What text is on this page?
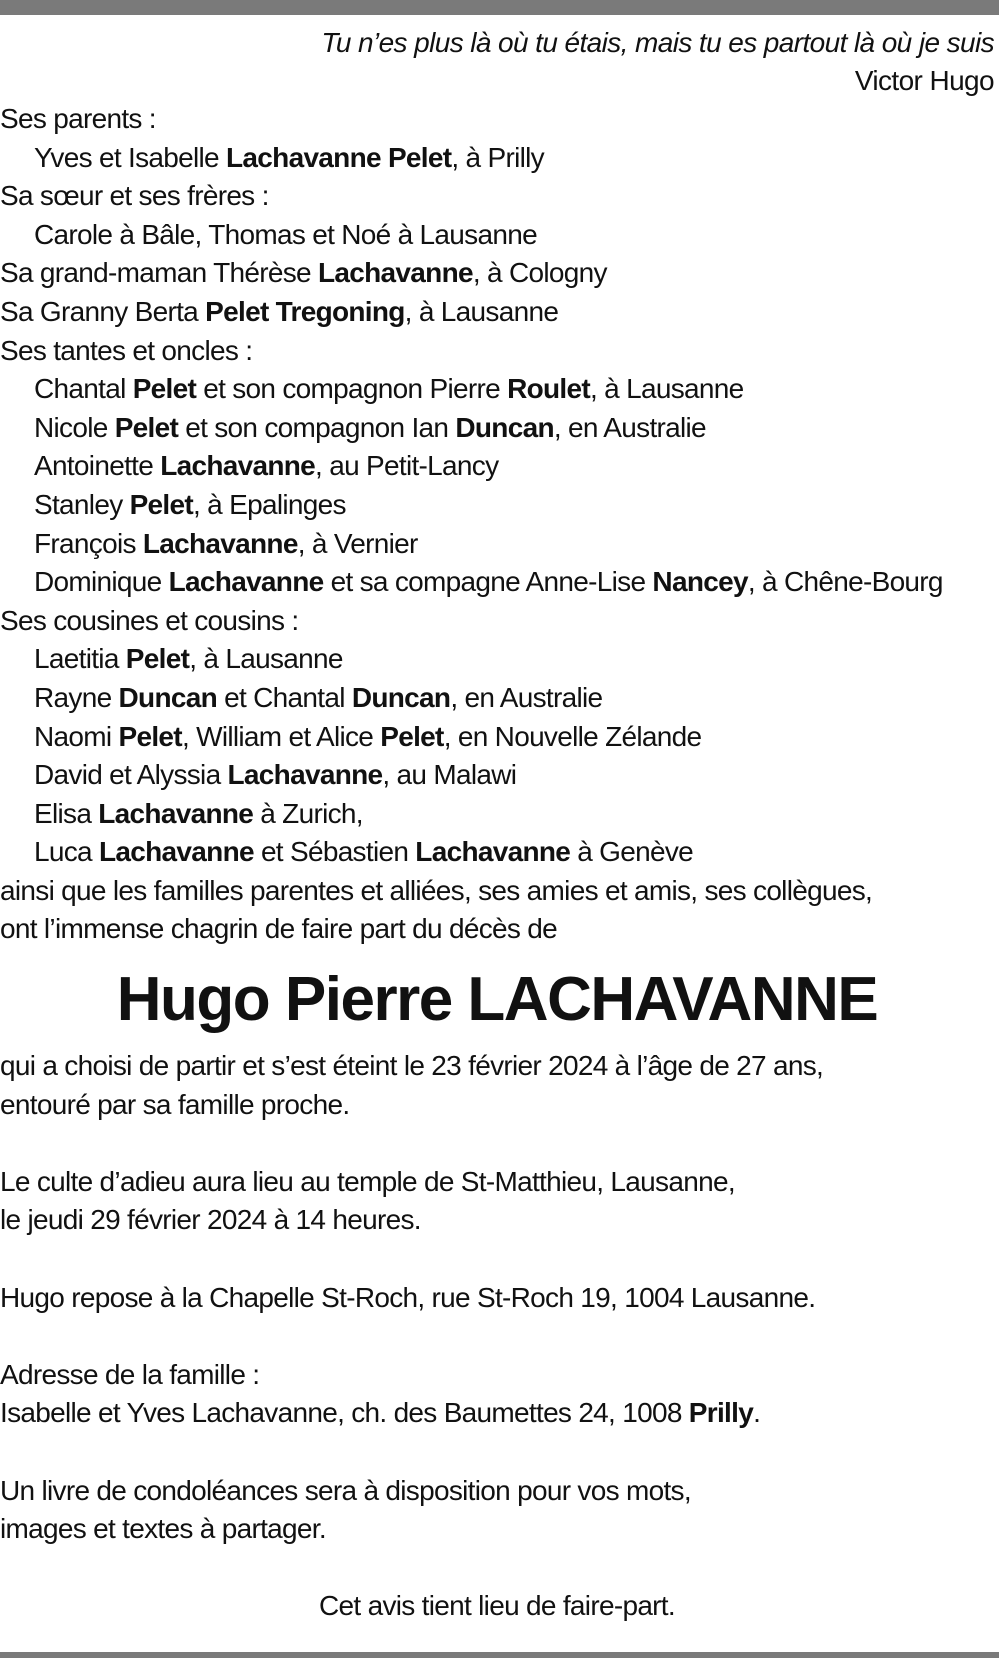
Tu n’es plus là où tu étais, mais tu es partout là où je suis
Victor Hugo
Ses parents :
Yves et Isabelle Lachavanne Pelet, à Prilly
Sa sœur et ses frères :
Carole à Bâle, Thomas et Noé à Lausanne
Sa grand-maman Thérèse Lachavanne, à Cologny
Sa Granny Berta Pelet Tregoning, à Lausanne
Ses tantes et oncles :
Chantal Pelet et son compagnon Pierre Roulet, à Lausanne
Nicole Pelet et son compagnon Ian Duncan, en Australie
Antoinette Lachavanne, au Petit-Lancy
Stanley Pelet, à Epalinges
François Lachavanne, à Vernier
Dominique Lachavanne et sa compagne Anne-Lise Nancey, à Chêne-Bourg
Ses cousines et cousins :
Laetitia Pelet, à Lausanne
Rayne Duncan et Chantal Duncan, en Australie
Naomi Pelet, William et Alice Pelet, en Nouvelle Zélande
David et Alyssia Lachavanne, au Malawi
Elisa Lachavanne à Zurich,
Luca Lachavanne et Sébastien Lachavanne à Genève
ainsi que les familles parentes et alliées, ses amies et amis, ses collègues,
ont l’immense chagrin de faire part du décès de
Hugo Pierre LACHAVANNE
qui a choisi de partir et s’est éteint le 23 février 2024 à l’âge de 27 ans,
entouré par sa famille proche.
Le culte d’adieu aura lieu au temple de St-Matthieu, Lausanne,
le jeudi 29 février 2024 à 14 heures.
Hugo repose à la Chapelle St-Roch, rue St-Roch 19, 1004 Lausanne.
Adresse de la famille :
Isabelle et Yves Lachavanne, ch. des Baumettes 24, 1008 Prilly.
Un livre de condoléances sera à disposition pour vos mots,
images et textes à partager.
Cet avis tient lieu de faire-part.
